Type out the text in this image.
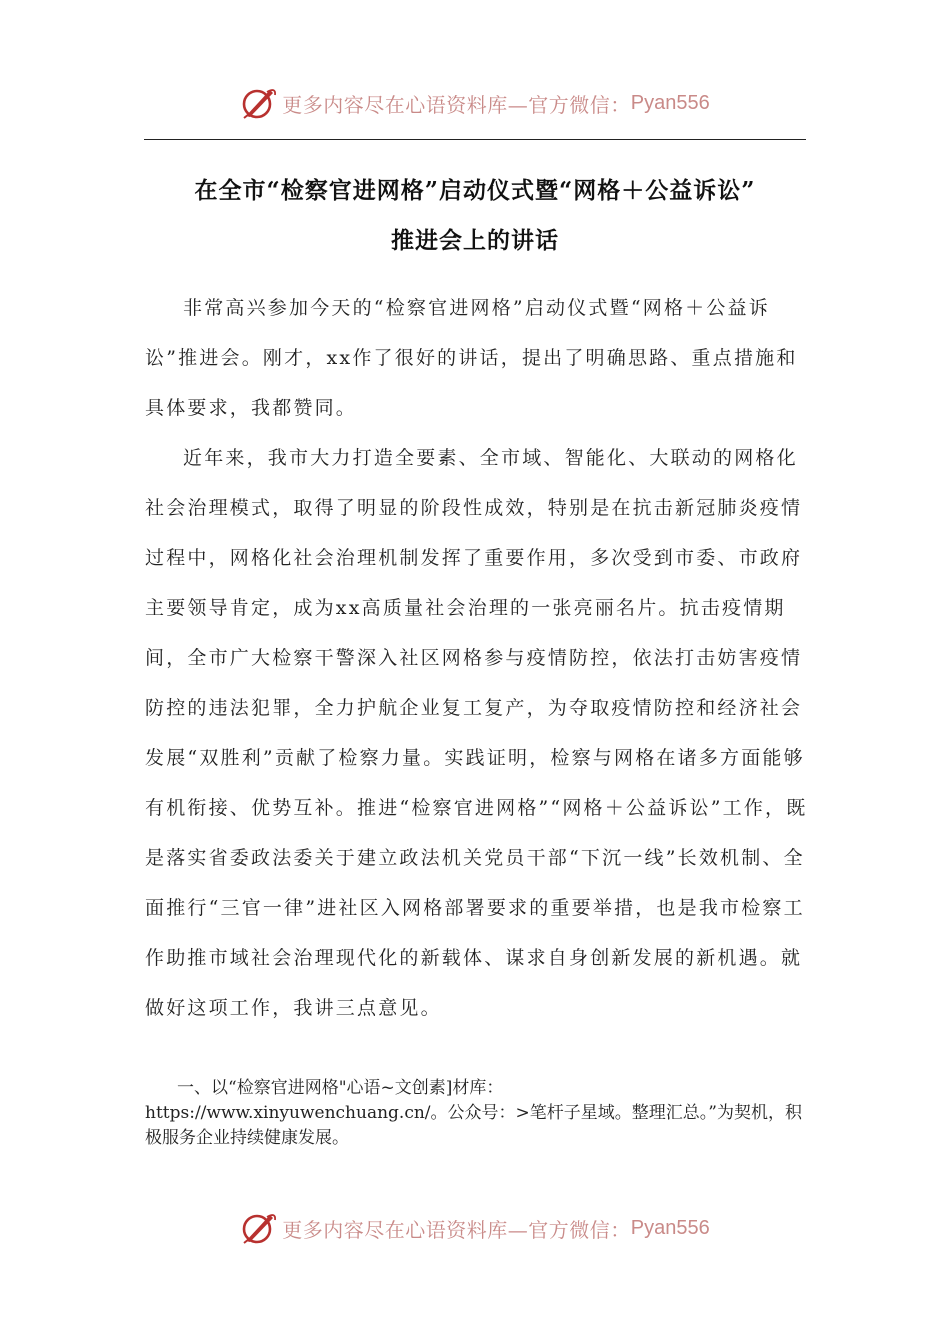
更多内容尽在心语资料库—官方微信： Pyan556
在全市“检察官进网格”启动仪式暨“网格＋公益诉讼”
推进会上的讲话

非常高兴参加今天的“检察官进网格”启动仪式暨“网格＋公益诉讼”推进会。刚才，xx作了很好的讲话，提出了明确思路、重点措施和具体要求，我都赞同。

近年来，我市大力打造全要素、全市域、智能化、大联动的网格化社会治理模式，取得了明显的阶段性成效，特别是在抗击新冠肺炎疫情过程中，网格化社会治理机制发挥了重要作用，多次受到市委、市政府主要领导肯定，成为xx高质量社会治理的一张亮丽名片。抗击疫情期间，全市广大检察干警深入社区网格参与疫情防控，依法打击妨害疫情防控的违法犯罪，全力护航企业复工复产，为夺取疫情防控和经济社会发展“双胜利”贡献了检察力量。实践证明，检察与网格在诸多方面能够有机衔接、优势互补。推进“检察官进网格”“网格＋公益诉讼”工作，既是落实省委政法委关于建立政法机关党员干部“下沉一线”长效机制、全面推行“三官一律”进社区入网格部署要求的重要举措，也是我市检察工作助推市域社会治理现代化的新载体、谋求自身创新发展的新机遇。就做好这项工作，我讲三点意见。

一、以“检察官进网格"心语~文创素]材库：https://www.xinyuwenchuang.cn/。公众号：>笔杆子星域。整理汇总。”为契机，积极服务企业持续健康发展。

更多内容尽在心语资料库—官方微信： Pyan556
